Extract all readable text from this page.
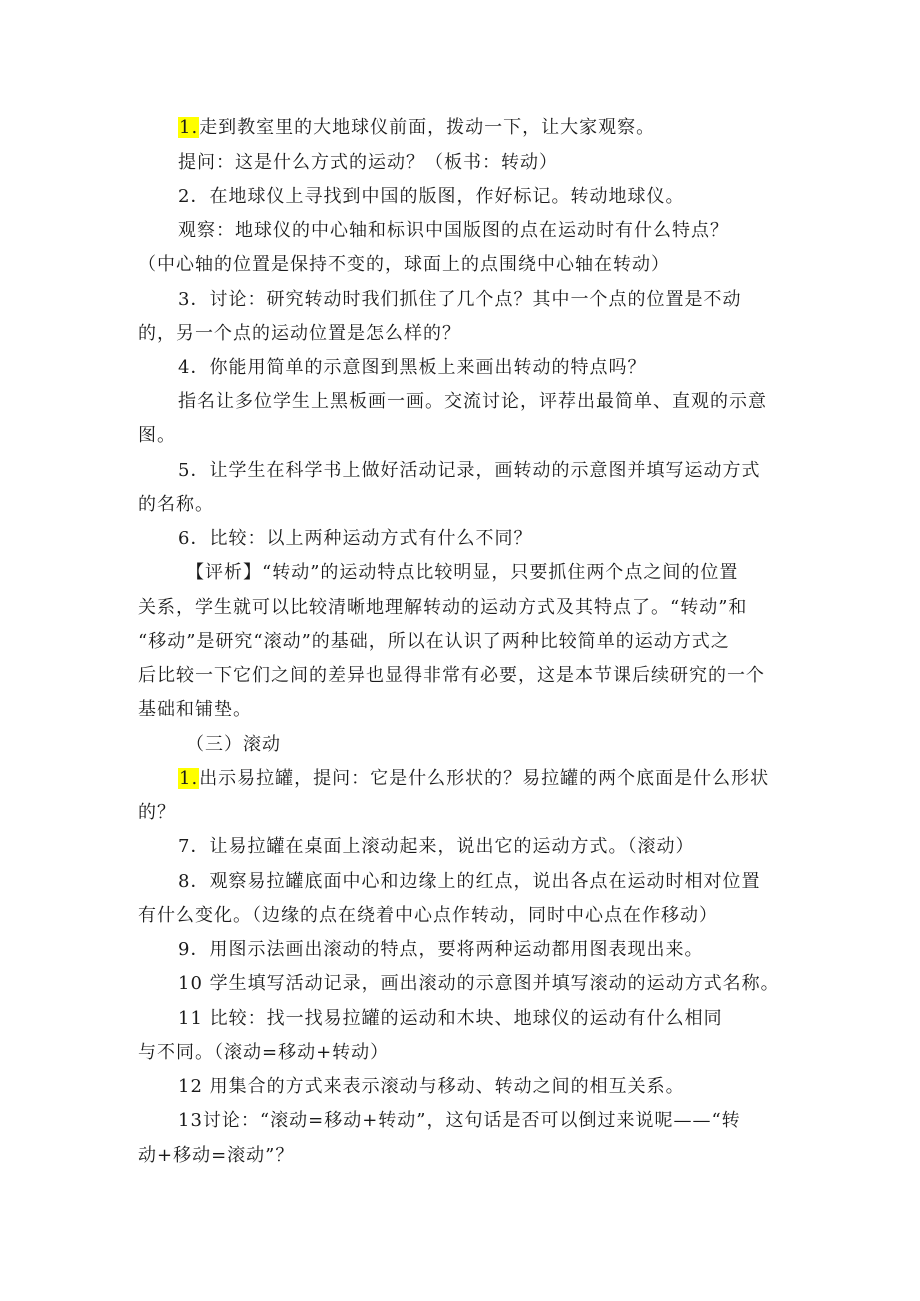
1.走到教室里的大地球仪前面，拨动一下，让大家观察。
提问：这是什么方式的运动？（板书：转动）
2．在地球仪上寻找到中国的版图，作好标记。转动地球仪。
观察：地球仪的中心轴和标识中国版图的点在运动时有什么特点？
（中心轴的位置是保持不变的，球面上的点围绕中心轴在转动）
3．讨论：研究转动时我们抓住了几个点？其中一个点的位置是不动
的，另一个点的运动位置是怎么样的？
4．你能用简单的示意图到黑板上来画出转动的特点吗？
指名让多位学生上黑板画一画。交流讨论，评荐出最简单、直观的示意
图。
5．让学生在科学书上做好活动记录，画转动的示意图并填写运动方式
的名称。
6．比较：以上两种运动方式有什么不同？
【评析】“转动”的运动特点比较明显，只要抓住两个点之间的位置
关系，学生就可以比较清晰地理解转动的运动方式及其特点了。“转动”和
“移动”是研究“滚动”的基础，所以在认识了两种比较简单的运动方式之
后比较一下它们之间的差异也显得非常有必要，这是本节课后续研究的一个
基础和铺垫。
（三）滚动
1.出示易拉罐，提问：它是什么形状的？易拉罐的两个底面是什么形状
的？
7．让易拉罐在桌面上滚动起来，说出它的运动方式。（滚动）
8．观察易拉罐底面中心和边缘上的红点，说出各点在运动时相对位置
有什么变化。（边缘的点在绕着中心点作转动，同时中心点在作移动）
9．用图示法画出滚动的特点，要将两种运动都用图表现出来。
10 学生填写活动记录，画出滚动的示意图并填写滚动的运动方式名称。
11 比较：找一找易拉罐的运动和木块、地球仪的运动有什么相同
与不同。（滚动=移动+转动）
12 用集合的方式来表示滚动与移动、转动之间的相互关系。
13讨论：“滚动=移动+转动”，这句话是否可以倒过来说呢——“转
动+移动=滚动”？
